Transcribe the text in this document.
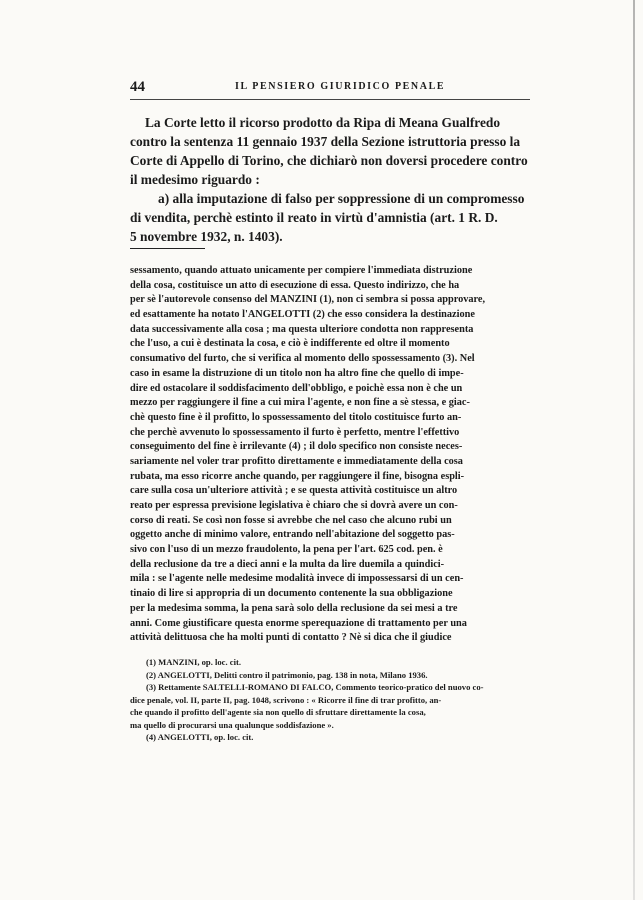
44	IL PENSIERO GIURIDICO PENALE
La Corte letto il ricorso prodotto da Ripa di Meana Gualfredo
contro la sentenza 11 gennaio 1937 della Sezione istruttoria presso la
Corte di Appello di Torino, che dichiarò non doversi procedere contro
il medesimo riguardo :
a) alla imputazione di falso per soppressione di un compromesso
di vendita, perchè estinto il reato in virtù d'amnistia (art. 1 R. D.
5 novembre 1932, n. 1403).
sessamento, quando attuato unicamente per compiere l'immediata distruzione
della cosa, costituisce un atto di esecuzione di essa. Questo indirizzo, che ha
per sè l'autorevole consenso del MANZINI (1), non ci sembra si possa approvare,
ed esattamente ha notato l'ANGELOTTI (2) che esso considera la destinazione
data successivamente alla cosa ; ma questa ulteriore condotta non rappresenta
che l'uso, a cui è destinata la cosa, e ciò è indifferente ed oltre il momento
consumativo del furto, che si verifica al momento dello spossessamento (3). Nel
caso in esame la distruzione di un titolo non ha altro fine che quello di impe-
dire ed ostacolare il soddisfacimento dell'obbligo, e poichè essa non è che un
mezzo per raggiungere il fine a cui mira l'agente, e non fine a sè stessa, e giac-
chè questo fine è il profitto, lo spossessamento del titolo costituisce furto an-
che perchè avvenuto lo spossessamento il furto è perfetto, mentre l'effettivo
conseguimento del fine è irrilevante (4) ; il dolo specifico non consiste neces-
sariamente nel voler trar profitto direttamente e immediatamente della cosa
rubata, ma esso ricorre anche quando, per raggiungere il fine, bisogna espli-
care sulla cosa un'ulteriore attività ; e se questa attività costituisce un altro
reato per espressa previsione legislativa è chiaro che si dovrà avere un con-
corso di reati. Se così non fosse si avrebbe che nel caso che alcuno rubi un
oggetto anche di minimo valore, entrando nell'abitazione del soggetto pas-
sivo con l'uso di un mezzo fraudolento, la pena per l'art. 625 cod. pen. è
della reclusione da tre a dieci anni e la multa da lire duemila a quindici-
mila : se l'agente nelle medesime modalità invece di impossessarsi di un cen-
tinaio di lire si appropria di un documento contenente la sua obbligazione
per la medesima somma, la pena sarà solo della reclusione da sei mesi a tre
anni. Come giustificare questa enorme sperequazione di trattamento per una
attività delittuosa che ha molti punti di contatto ? Nè si dica che il giudice
(1) MANZINI, op. loc. cit.
(2) ANGELOTTI, Delitti contro il patrimonio, pag. 138 in nota, Milano 1936.
(3) Rettamente SALTELLI-ROMANO DI FALCO, Commento teorico-pratico del nuovo co-
dice penale, vol. II, parte II, pag. 1048, scrivono : « Ricorre il fine di trar profitto, an-
che quando il profitto dell'agente sia non quello di sfruttare direttamente la cosa,
ma quello di procurarsi una qualunque soddisfazione ».
(4) ANGELOTTI, op. loc. cit.
